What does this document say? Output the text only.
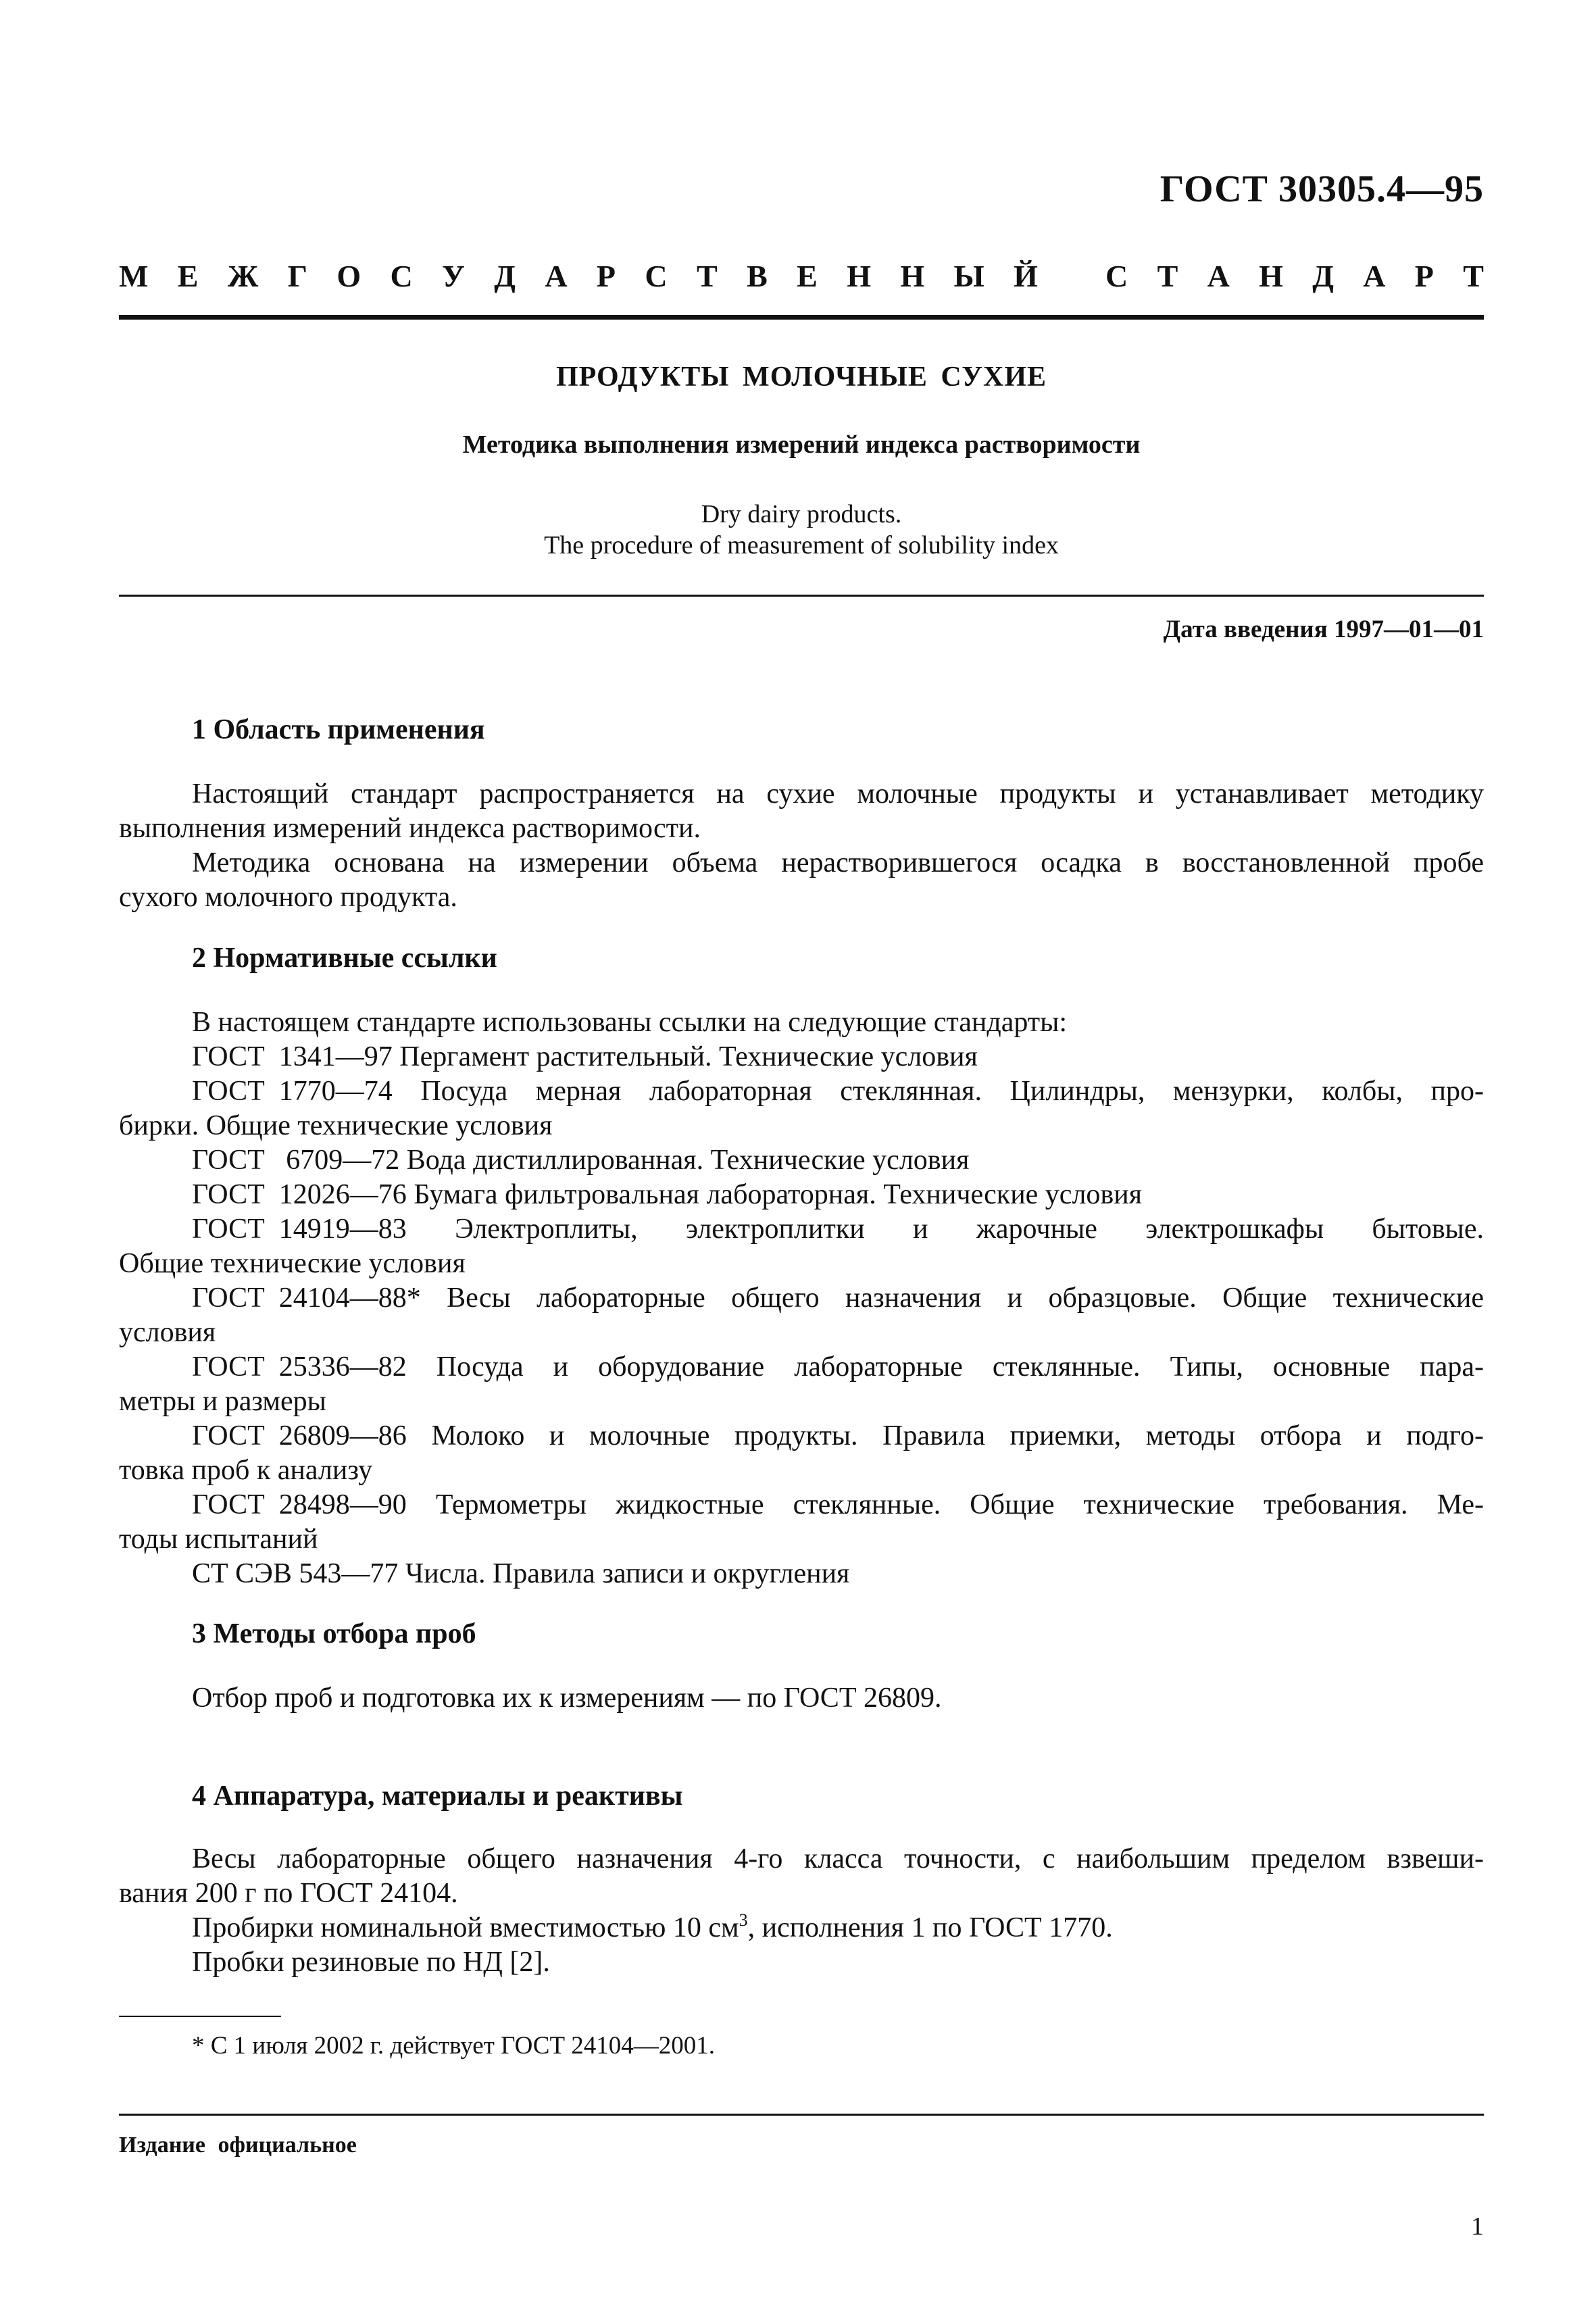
ГОСТ 30305.4—95
М Е Ж Г О С У Д А Р С Т В Е Н Н Ы Й С Т А Н Д А Р Т
ПРОДУКТЫ МОЛОЧНЫЕ СУХИЕ
Методика выполнения измерений индекса растворимости
Dry dairy products.
The procedure of measurement of solubility index
Дата введения 1997—01—01
1 Область применения
Настоящий стандарт распространяется на сухие молочные продукты и устанавливает методику
выполнения измерений индекса растворимости.
Методика основана на измерении объема нерастворившегося осадка в восстановленной пробе
сухого молочного продукта.
2 Нормативные ссылки
В настоящем стандарте использованы ссылки на следующие стандарты:
ГОСТ  1341—97 Пергамент растительный. Технические условия
ГОСТ  1770—74 Посуда мерная лабораторная стеклянная. Цилиндры, мензурки, колбы, про-
бирки. Общие технические условия
ГОСТ   6709—72 Вода дистиллированная. Технические условия
ГОСТ  12026—76 Бумага фильтровальная лабораторная. Технические условия
ГОСТ  14919—83 Электроплиты, электроплитки и жарочные электрошкафы бытовые.
Общие технические условия
ГОСТ  24104—88* Весы лабораторные общего назначения и образцовые. Общие технические
условия
ГОСТ  25336—82 Посуда и оборудование лабораторные стеклянные. Типы, основные пара-
метры и размеры
ГОСТ  26809—86 Молоко и молочные продукты. Правила приемки, методы отбора и подго-
товка проб к анализу
ГОСТ  28498—90 Термометры жидкостные стеклянные. Общие технические требования. Ме-
тоды испытаний
СТ СЭВ 543—77 Числа. Правила записи и округления
3 Методы отбора проб
Отбор проб и подготовка их к измерениям — по ГОСТ 26809.
4 Аппаратура, материалы и реактивы
Весы лабораторные общего назначения 4-го класса точности, с наибольшим пределом взвеши-
вания 200 г по ГОСТ 24104.
Пробирки номинальной вместимостью 10 $см^3$, исполнения 1 по ГОСТ 1770.
Пробки резиновые по НД [2].
* С 1 июля 2002 г. действует ГОСТ 24104—2001.
Издание официальное
1
